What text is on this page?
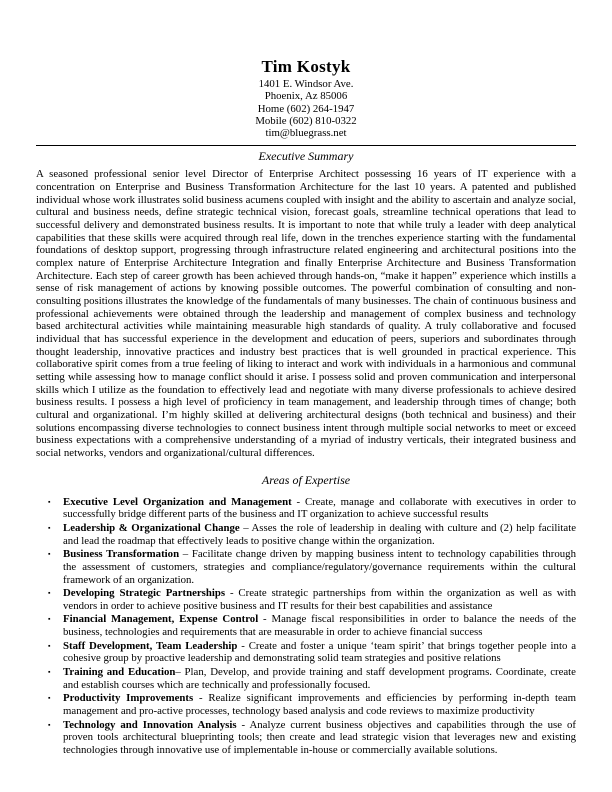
Tim Kostyk
1401 E. Windsor Ave.
Phoenix, Az 85006
Home (602) 264-1947
Mobile (602) 810-0322
tim@bluegrass.net
Executive Summary

A seasoned professional senior level Director of Enterprise Architect possessing 16 years of IT experience with a concentration on Enterprise and Business Transformation Architecture for the last 10 years. A patented and published individual whose work illustrates solid business acumens coupled with insight and the ability to ascertain and analyze social, cultural and business needs, define strategic technical vision, forecast goals, streamline technical operations that lead to successful delivery and demonstrated business results. It is important to note that while truly a leader with deep analytical capabilities that these skills were acquired through real life, down in the trenches experience starting with the fundamental foundations of desktop support, progressing through infrastructure related engineering and architectural positions into the complex nature of Enterprise Architecture Integration and finally Enterprise Architecture and Business Transformation Architecture. Each step of career growth has been achieved through hands-on, “make it happen” experience which instills a sense of risk management of actions by knowing possible outcomes. The powerful combination of consulting and non-consulting positions illustrates the knowledge of the fundamentals of many businesses. The chain of continuous business and professional achievements were obtained through the leadership and management of complex business and technology based architectural activities while maintaining measurable high standards of quality. A truly collaborative and focused individual that has successful experience in the development and education of peers, superiors and subordinates through thought leadership, innovative practices and industry best practices that is well grounded in practical experience. This collaborative spirit comes from a true feeling of liking to interact and work with individuals in a harmonious and communal setting while assessing how to manage conflict should it arise. I possess solid and proven communication and interpersonal skills which I utilize as the foundation to effectively lead and negotiate with many diverse professionals to achieve desired business results. I possess a high level of proficiency in team management, and leadership through times of change; both cultural and organizational. I’m highly skilled at delivering architectural designs (both technical and business) and their solutions encompassing diverse technologies to connect business intent through multiple social networks to meet or exceed business expectations with a comprehensive understanding of a myriad of industry verticals, their integrated business and social networks, vendors and organizational/cultural differences.

Areas of Expertise
▪	Executive Level Organization and Management - Create, manage and collaborate with executives in order to successfully bridge different parts of the business and IT organization to achieve successful results
▪	Leadership & Organizational Change – Asses the role of leadership in dealing with culture and (2) help facilitate and lead the roadmap that effectively leads to positive change within the organization.
▪	Business Transformation – Facilitate change driven by mapping business intent to technology capabilities through the assessment of customers, strategies and compliance/regulatory/governance requirements within the cultural framework of an organization.
▪	Developing Strategic Partnerships - Create strategic partnerships from within the organization as well as with vendors in order to achieve positive business and IT results for their best capabilities and assistance
▪	Financial Management, Expense Control - Manage fiscal responsibilities in order to balance the needs of the business, technologies and requirements that are measurable in order to achieve financial success
▪	Staff Development, Team Leadership - Create and foster a unique ‘team spirit’ that brings together people into a cohesive group by proactive leadership and demonstrating solid team strategies and positive relations
▪	Training and Education– Plan, Develop, and provide training and staff development programs. Coordinate, create and establish courses which are technically and professionally focused.
▪	Productivity Improvements - Realize significant improvements and efficiencies by performing in-depth team management and pro-active processes, technology based analysis and code reviews to maximize productivity
▪	Technology and Innovation Analysis - Analyze current business objectives and capabilities through the use of proven tools architectural blueprinting tools; then create and lead strategic vision that leverages new and existing technologies through innovative use of implementable in-house or commercially available solutions.
